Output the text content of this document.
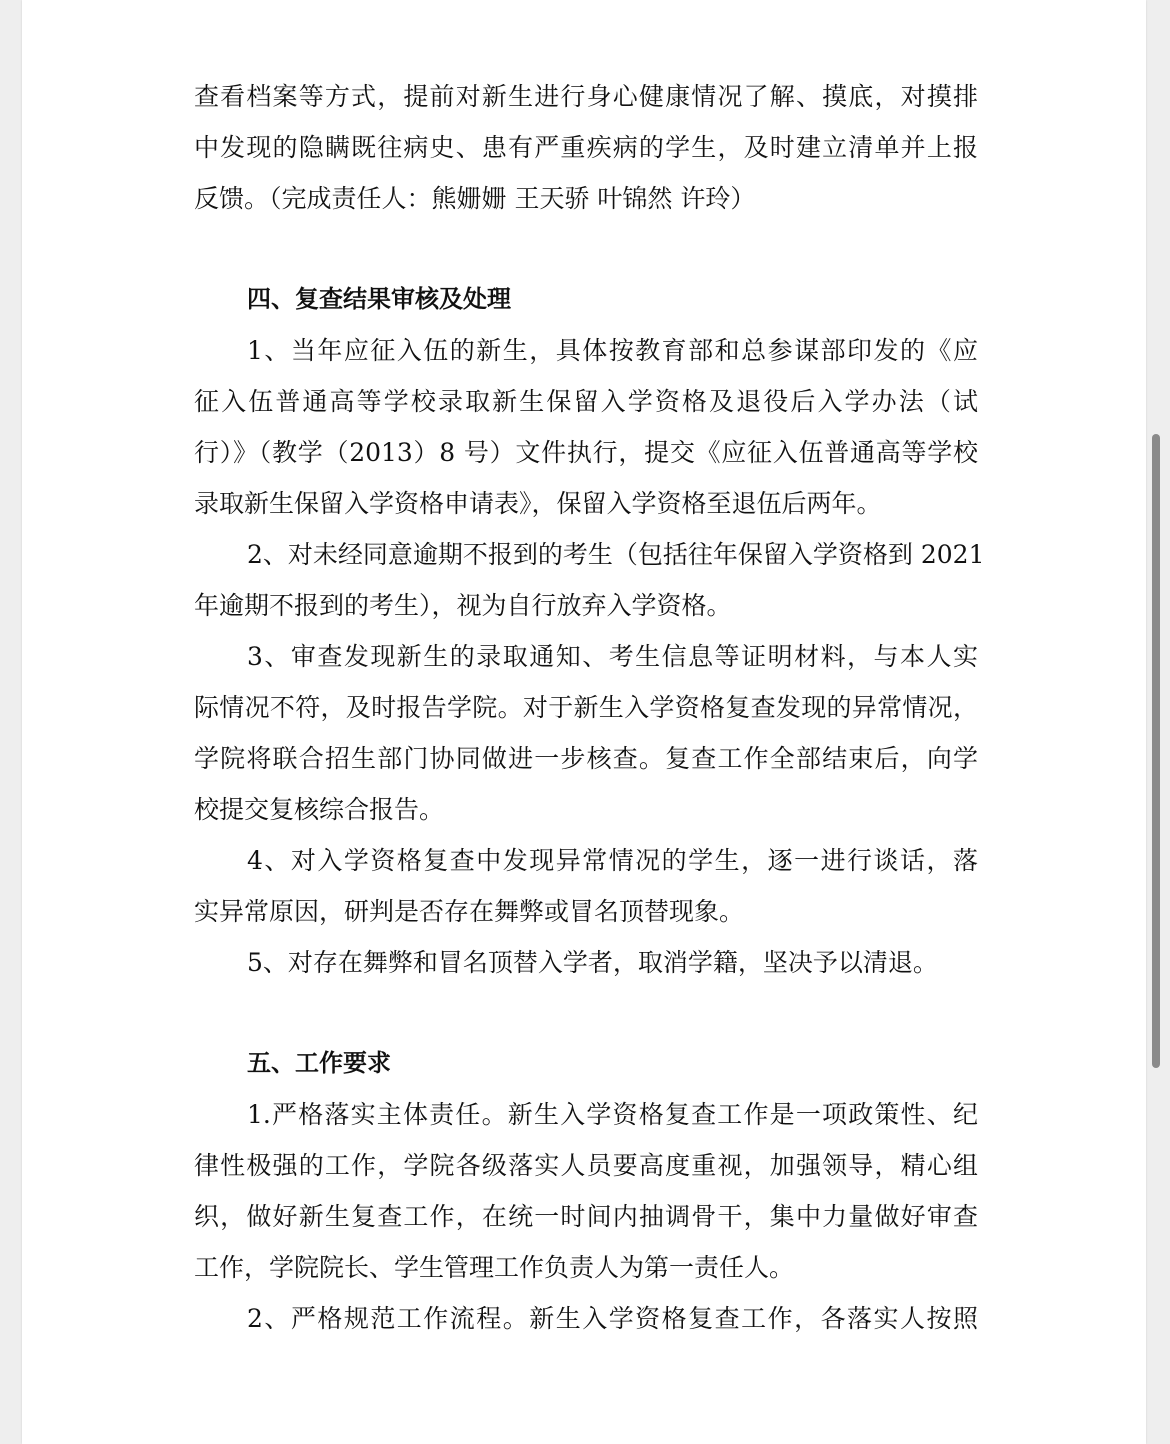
查看档案等方式，提前对新生进行身心健康情况了解、摸底，对摸排
中发现的隐瞒既往病史、患有严重疾病的学生，及时建立清单并上报
反馈。（完成责任人：熊姗姗 王天骄 叶锦然 许玲）
四、复查结果审核及处理
1、当年应征入伍的新生，具体按教育部和总参谋部印发的《应
征入伍普通高等学校录取新生保留入学资格及退役后入学办法（试
行）》（教学（2013）8 号）文件执行，提交《应征入伍普通高等学校
录取新生保留入学资格申请表》，保留入学资格至退伍后两年。
2、对未经同意逾期不报到的考生（包括往年保留入学资格到 2021
年逾期不报到的考生），视为自行放弃入学资格。
3、审查发现新生的录取通知、考生信息等证明材料，与本人实
际情况不符，及时报告学院。对于新生入学资格复查发现的异常情况，
学院将联合招生部门协同做进一步核查。复查工作全部结束后，向学
校提交复核综合报告。
4、对入学资格复查中发现异常情况的学生，逐一进行谈话，落
实异常原因，研判是否存在舞弊或冒名顶替现象。
5、对存在舞弊和冒名顶替入学者，取消学籍，坚决予以清退。
五、工作要求
1.严格落实主体责任。新生入学资格复查工作是一项政策性、纪
律性极强的工作，学院各级落实人员要高度重视，加强领导，精心组
织，做好新生复查工作，在统一时间内抽调骨干，集中力量做好审查
工作，学院院长、学生管理工作负责人为第一责任人。
2、严格规范工作流程。新生入学资格复查工作，各落实人按照
